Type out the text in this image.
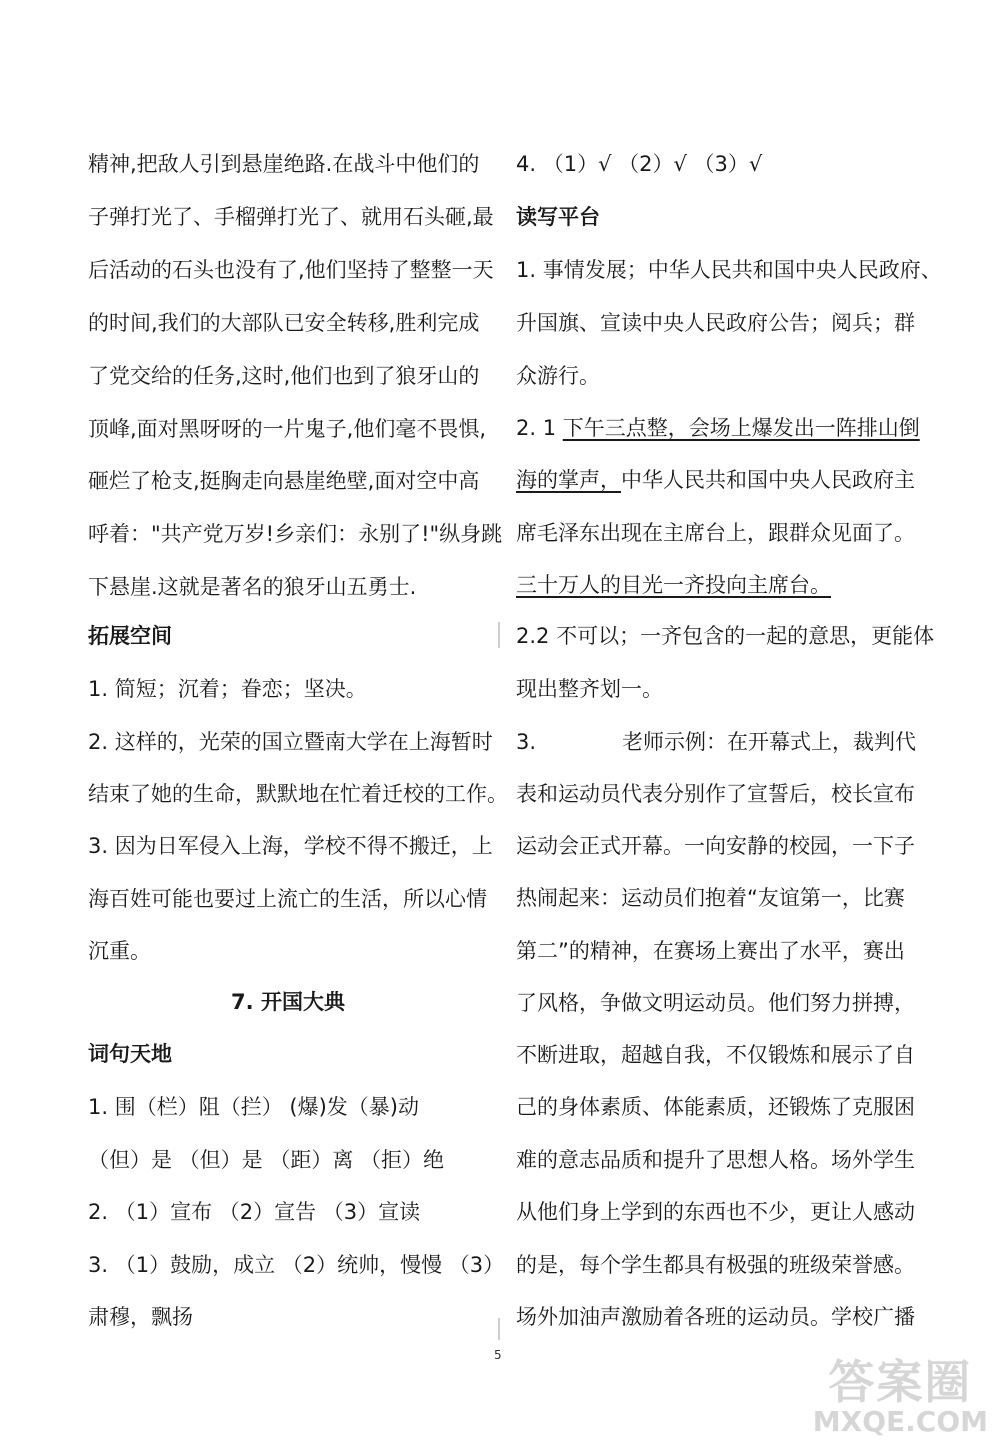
精神,把敌人引到悬崖绝路.在战斗中他们的
子弹打光了、手榴弹打光了、就用石头砸,最
后活动的石头也没有了,他们坚持了整整一天
的时间,我们的大部队已安全转移,胜利完成
了党交给的任务,这时,他们也到了狼牙山的
顶峰,面对黑呀呀的一片鬼子,他们毫不畏惧,
砸烂了枪支,挺胸走向悬崖绝壁,面对空中高
呼着："共产党万岁!乡亲们：永别了!"纵身跳
下悬崖.这就是著名的狼牙山五勇士.
拓展空间
1. 简短；沉着；眷恋；坚决。
2. 这样的，光荣的国立暨南大学在上海暂时
结束了她的生命，默默地在忙着迁校的工作。
3. 因为日军侵入上海，学校不得不搬迁，上
海百姓可能也要过上流亡的生活，所以心情
沉重。
7. 开国大典
词句天地
1. 围（栏）阻（拦） (爆)发（暴)动
（但）是 （但）是 （距）离 （拒）绝
2. （1）宣布 （2）宣告 （3）宣读
3. （1）鼓励，成立 （2）统帅，慢慢 （3）
肃穆，飘扬
4. （1）√ （2）√ （3）√
读写平台
1. 事情发展；中华人民共和国中央人民政府、
升国旗、宣读中央人民政府公告；阅兵；群
众游行。
2. 1 下午三点整，会场上爆发出一阵排山倒
海的掌声，中华人民共和国中央人民政府主
席毛泽东出现在主席台上，跟群众见面了。
三十万人的目光一齐投向主席台。
2.2 不可以；一齐包含的一起的意思，更能体
现出整齐划一。
3.	老师示例：在开幕式上，裁判代
表和运动员代表分别作了宣誓后，校长宣布
运动会正式开幕。一向安静的校园，一下子
热闹起来：运动员们抱着“友谊第一，比赛
第二”的精神，在赛场上赛出了水平，赛出
了风格，争做文明运动员。他们努力拼搏，
不断进取，超越自我，不仅锻炼和展示了自
己的身体素质、体能素质，还锻炼了克服困
难的意志品质和提升了思想人格。场外学生
从他们身上学到的东西也不少，更让人感动
的是，每个学生都具有极强的班级荣誉感。
场外加油声激励着各班的运动员。学校广播
5	答案圈
MXQE.COM
